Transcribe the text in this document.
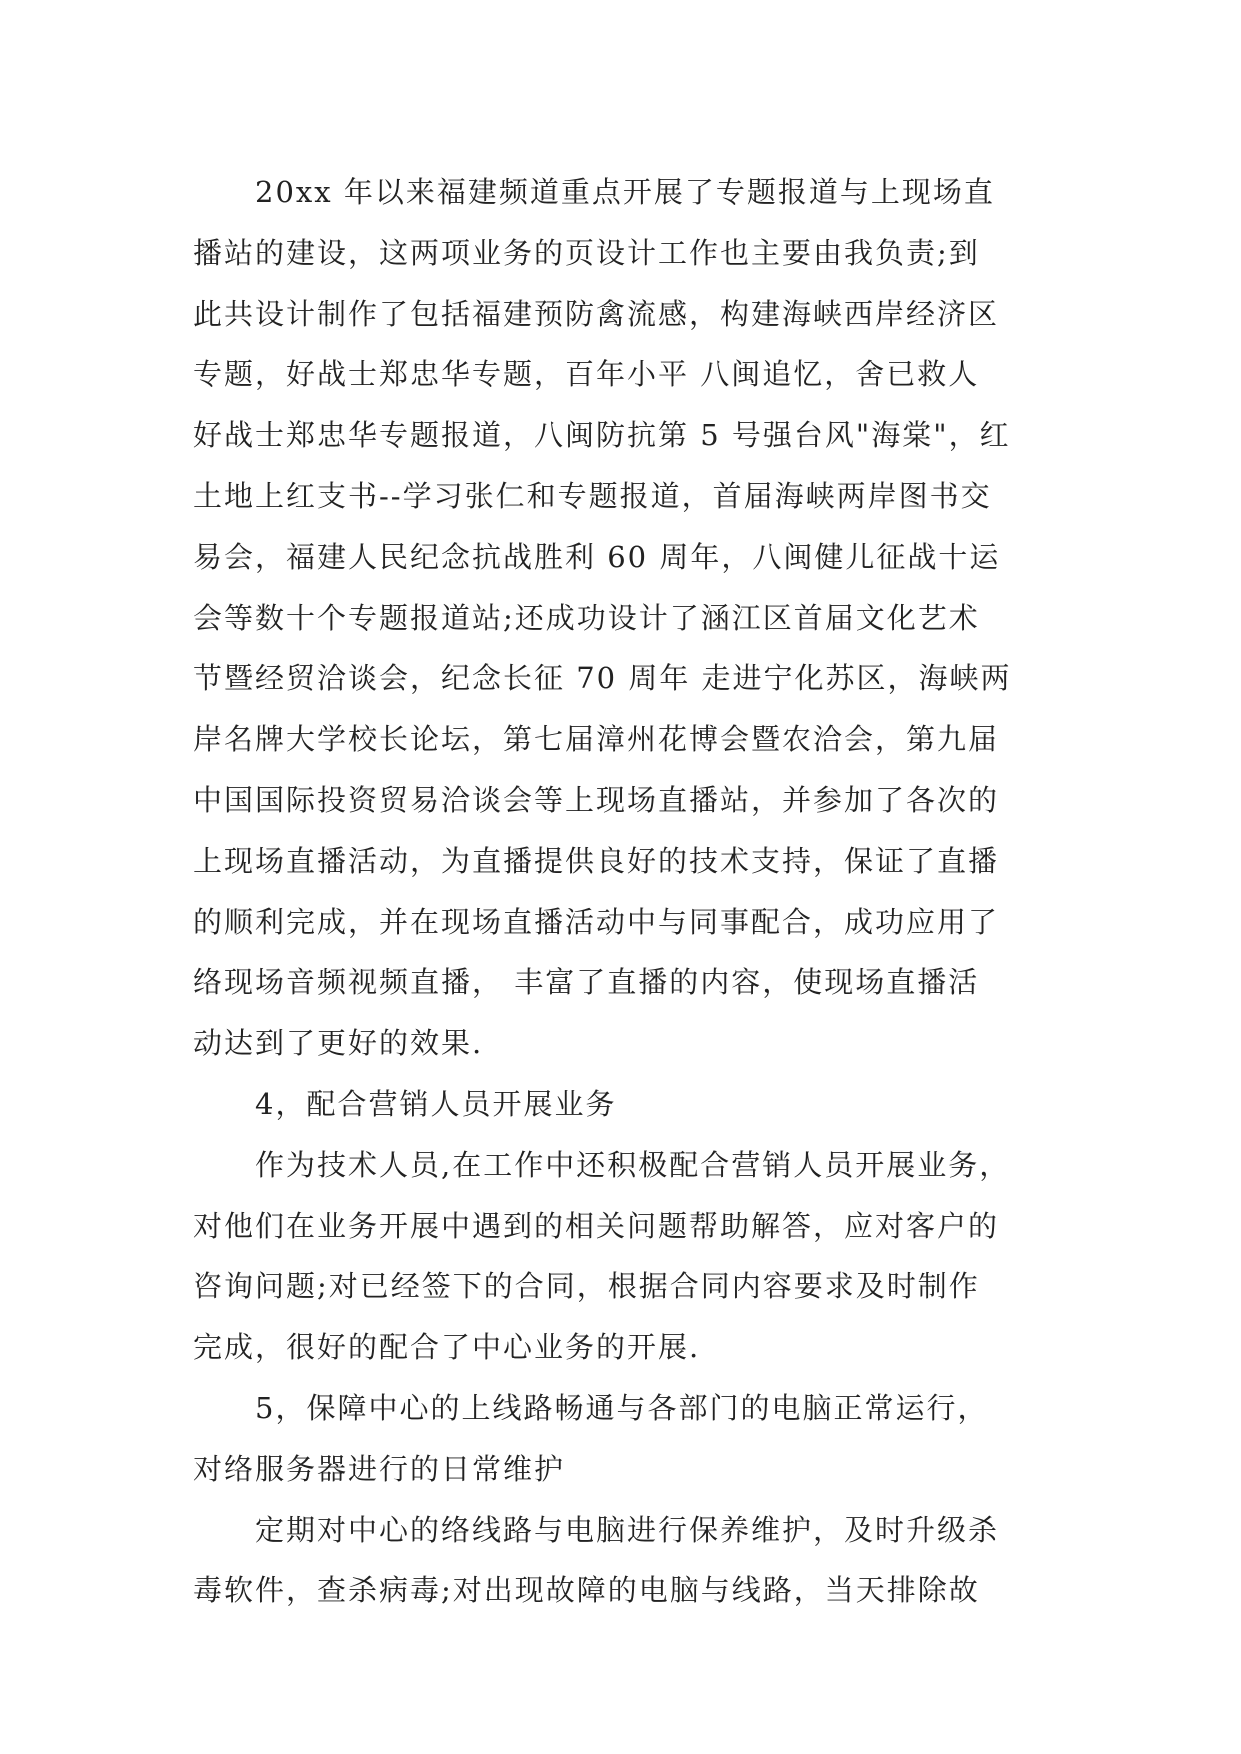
20xx 年以来福建频道重点开展了专题报道与上现场直
播站的建设，这两项业务的页设计工作也主要由我负责;到
此共设计制作了包括福建预防禽流感，构建海峡西岸经济区
专题，好战士郑忠华专题，百年小平 八闽追忆，舍已救人
好战士郑忠华专题报道，八闽防抗第 5 号强台风"海棠"，红
土地上红支书--学习张仁和专题报道，首届海峡两岸图书交
易会，福建人民纪念抗战胜利 60 周年，八闽健儿征战十运
会等数十个专题报道站;还成功设计了涵江区首届文化艺术
节暨经贸洽谈会，纪念长征 70 周年 走进宁化苏区，海峡两
岸名牌大学校长论坛，第七届漳州花博会暨农洽会，第九届
中国国际投资贸易洽谈会等上现场直播站，并参加了各次的
上现场直播活动，为直播提供良好的技术支持，保证了直播
的顺利完成，并在现场直播活动中与同事配合，成功应用了
络现场音频视频直播， 丰富了直播的内容，使现场直播活
动达到了更好的效果.
4，配合营销人员开展业务
作为技术人员,在工作中还积极配合营销人员开展业务，
对他们在业务开展中遇到的相关问题帮助解答，应对客户的
咨询问题;对已经签下的合同，根据合同内容要求及时制作
完成，很好的配合了中心业务的开展.
5，保障中心的上线路畅通与各部门的电脑正常运行，
对络服务器进行的日常维护
定期对中心的络线路与电脑进行保养维护，及时升级杀
毒软件，查杀病毒;对出现故障的电脑与线路，当天排除故
